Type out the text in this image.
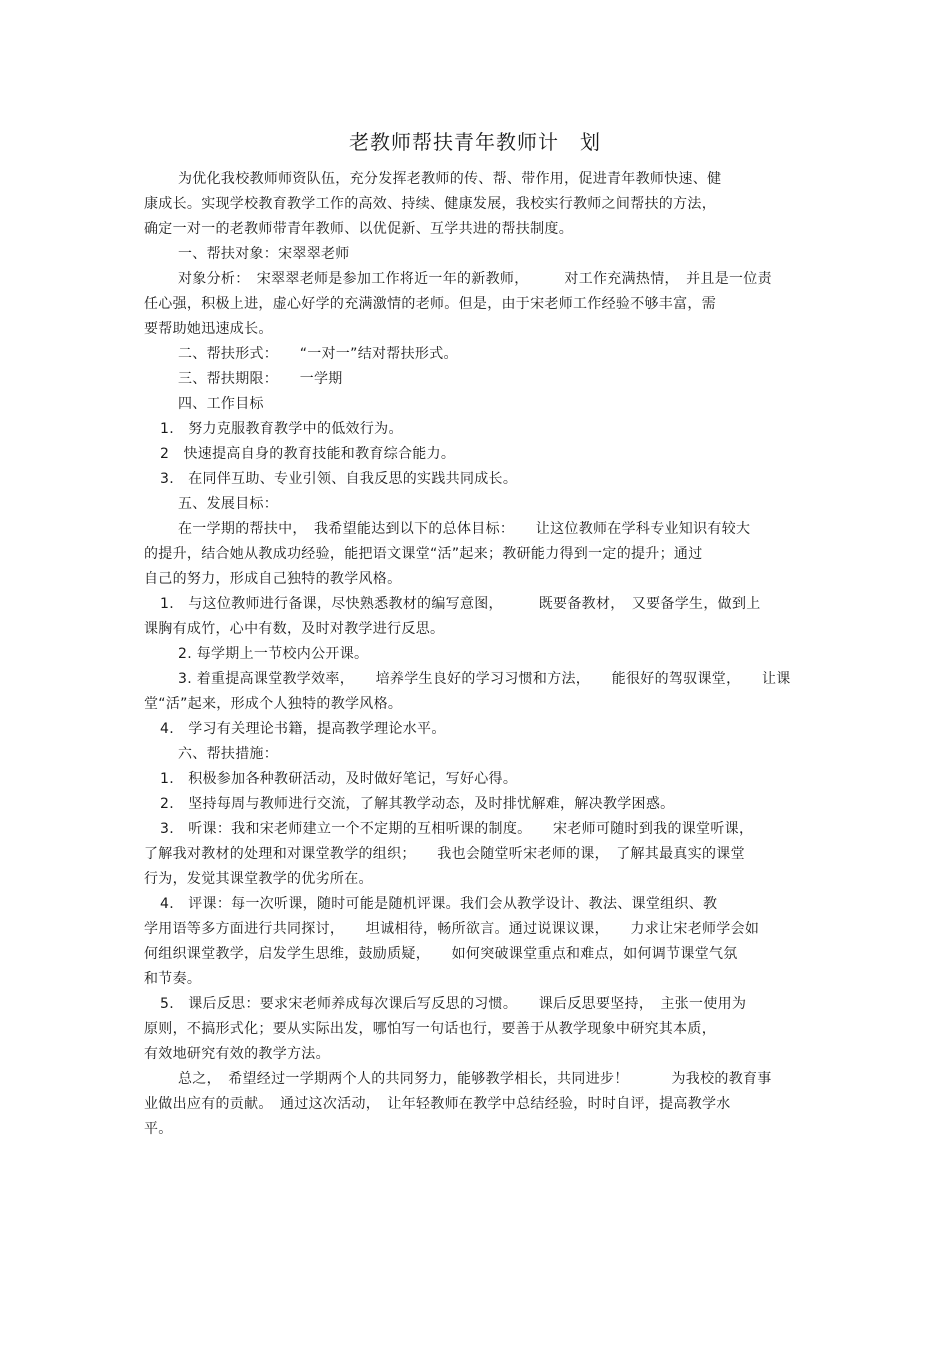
老教师帮扶青年教师计　划
为优化我校教师师资队伍，充分发挥老教师的传、帮、带作用，促进青年教师快速、健
康成长。实现学校教育教学工作的高效、持续、健康发展，我校实行教师之间帮扶的方法，
确定一对一的老教师带青年教师、以优促新、互学共进的帮扶制度。
一、帮扶对象：宋翠翠老师
对象分析：　宋翠翠老师是参加工作将近一年的新教师，　　　对工作充满热情，　并且是一位责
任心强，积极上进，虚心好学的充满激情的老师。但是，由于宋老师工作经验不够丰富，需
要帮助她迅速成长。
二、帮扶形式：　　“一对一”结对帮扶形式。
三、帮扶期限：　　一学期
四、工作目标
1.　努力克服教育教学中的低效行为。
2　快速提高自身的教育技能和教育综合能力。
3.　在同伴互助、专业引领、自我反思的实践共同成长。
五、发展目标：
在一学期的帮扶中，　我希望能达到以下的总体目标：　　让这位教师在学科专业知识有较大
的提升，结合她从教成功经验，能把语文课堂“活”起来；教研能力得到一定的提升；通过
自己的努力，形成自己独特的教学风格。
1.　与这位教师进行备课，尽快熟悉教材的编写意图，　　　既要备教材，　又要备学生，做到上
课胸有成竹，心中有数，及时对教学进行反思。
2. 每学期上一节校内公开课。
3. 着重提高课堂教学效率，　　培养学生良好的学习习惯和方法，　　能很好的驾驭课堂，　　让课
堂“活”起来，形成个人独特的教学风格。
4.　学习有关理论书籍，提高教学理论水平。
六、帮扶措施：
1.　积极参加各种教研活动，及时做好笔记，写好心得。
2.　坚持每周与教师进行交流，了解其教学动态，及时排忧解难，解决教学困惑。
3.　听课：我和宋老师建立一个不定期的互相听课的制度。　　宋老师可随时到我的课堂听课，
了解我对教材的处理和对课堂教学的组织；　　我也会随堂听宋老师的课，　了解其最真实的课堂
行为，发觉其课堂教学的优劣所在。
4.　评课：每一次听课，随时可能是随机评课。我们会从教学设计、教法、课堂组织、教
学用语等多方面进行共同探讨，　　坦诚相待，畅所欲言。通过说课议课，　　力求让宋老师学会如
何组织课堂教学，启发学生思维，鼓励质疑，　　如何突破课堂重点和难点，如何调节课堂气氛
和节奏。
5.　课后反思：要求宋老师养成每次课后写反思的习惯。　　课后反思要坚持，　主张一使用为
原则，不搞形式化；要从实际出发，哪怕写一句话也行，要善于从教学现象中研究其本质，
有效地研究有效的教学方法。
总之，　希望经过一学期两个人的共同努力，能够教学相长，共同进步！　　　为我校的教育事
业做出应有的贡献。　通过这次活动，　让年轻教师在教学中总结经验，时时自评，提高教学水
平。
